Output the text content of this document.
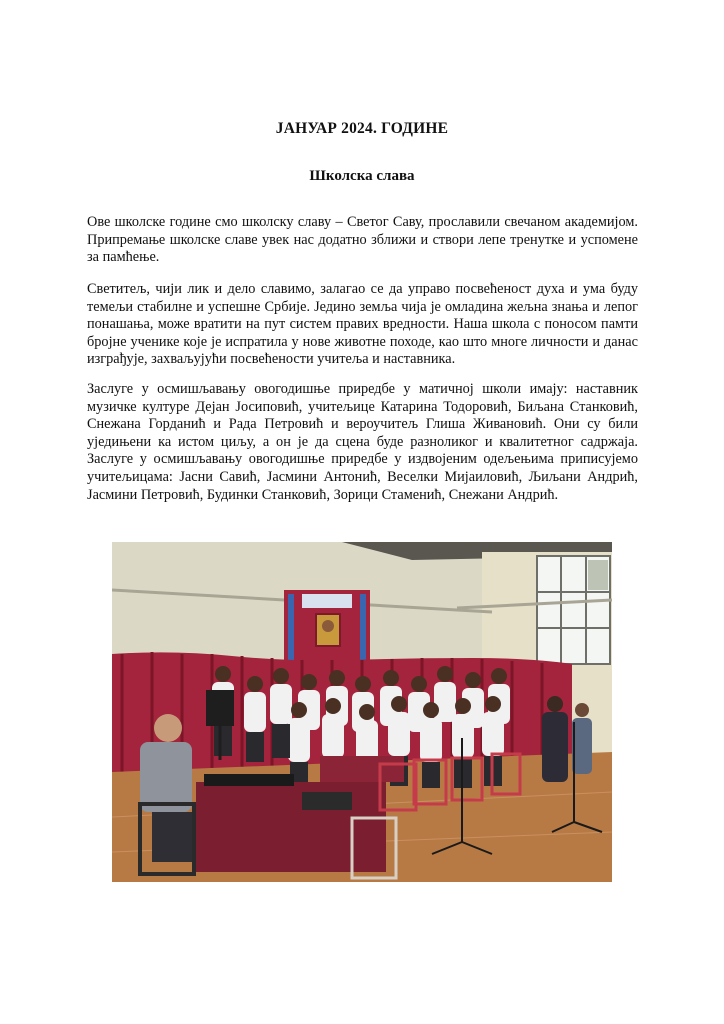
ЈАНУАР 2024. ГОДИНЕ
Школска слава

Ове школске године смо школску славу – Светог Саву, прославили свечаном академијом. Припремање школске славе увек нас додатно зближи и створи лепе тренутке и успомене за памћење.

Светитељ, чији лик и дело славимо, залагао се да управо посвећеност духа и ума буду темељи стабилне и успешне Србије. Једино земља чија је омладина жељна знања и лепог понашања, може вратити на пут систем правих вредности. Наша школа с поносом памти бројне ученике које је испратила у нове животне походе, као што многе личности и данас изграђује, захваљујући посвећености учитеља и наставника.

Заслуге у осмишљавању овогодишње приредбе у матичној школи имају: наставник музичке културе Дејан Јосиповић, учитељице Катарина Тодоровић, Биљана Станковић, Снежана Горданић и Рада Петровић и вероучитељ Глиша Живановић. Они су били уједињени ка истом циљу, а он је да сцена буде разноликог и квалитетног садржаја. Заслуге у осмишљавању овогодишње приредбе у издвојеним одељењима приписујемо учитељицама: Јасни Савић, Јасмини Антонић, Веселки Мијаиловић, Љиљани Андрић, Јасмини Петровић, Будинки Станковић, Зорици Стаменић, Снежани Андрић.
